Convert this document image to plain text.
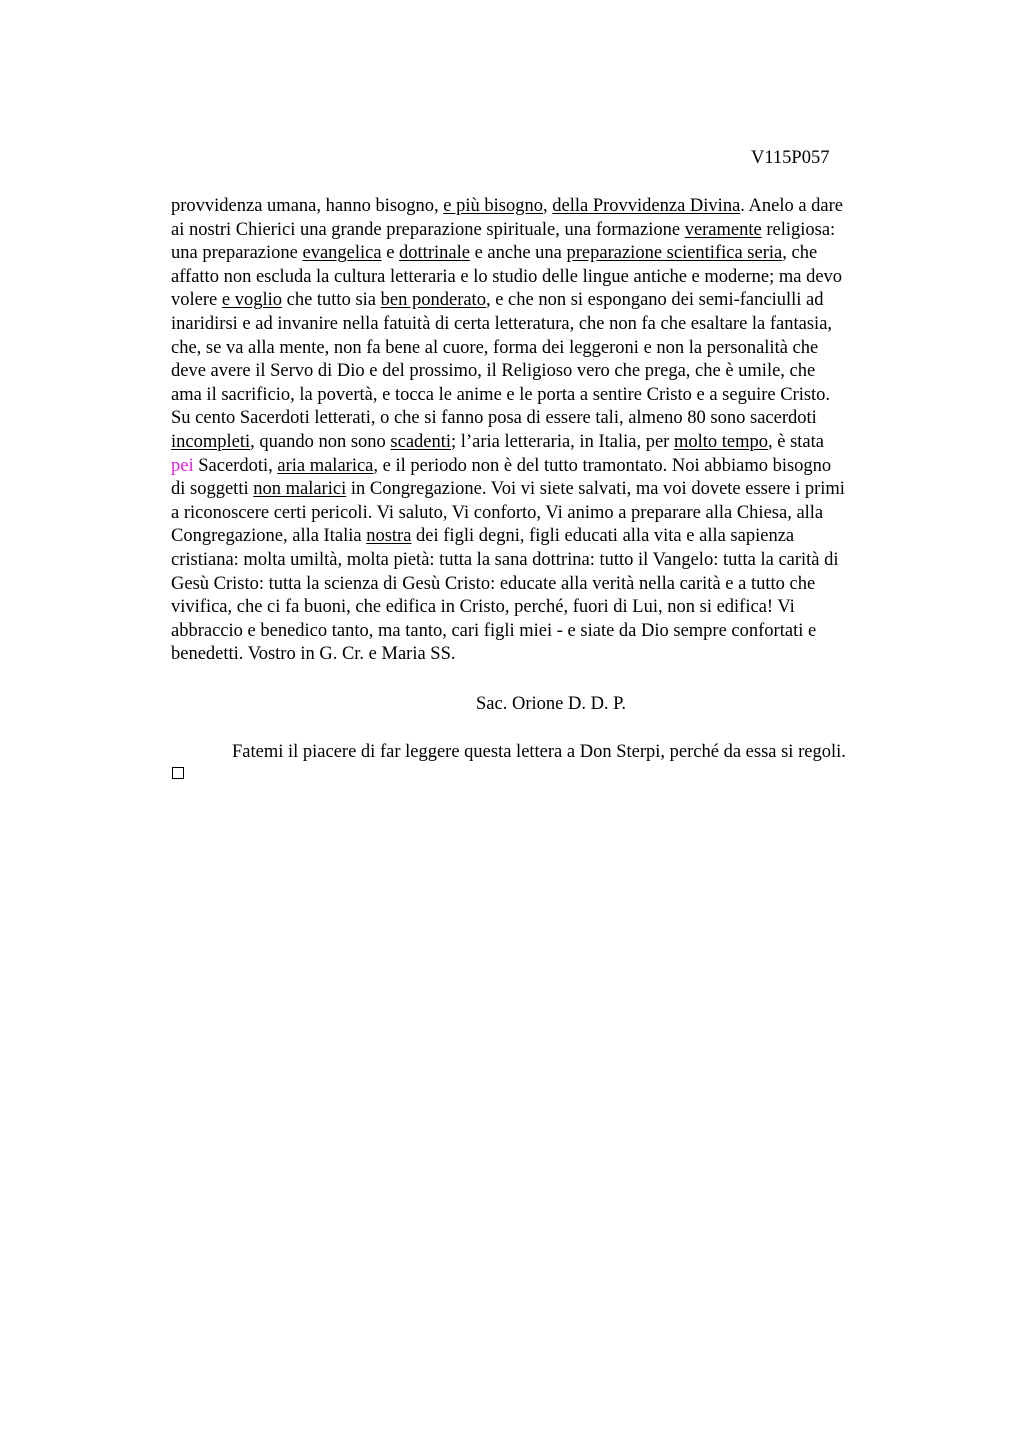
V115P057
provvidenza umana, hanno bisogno, e più bisogno, della Provvidenza Divina. Anelo a dare
ai nostri Chierici una grande preparazione spirituale, una formazione veramente religiosa:
una preparazione evangelica e dottrinale e anche una preparazione scientifica seria, che
affatto non escluda la cultura letteraria e lo studio delle lingue antiche e moderne; ma devo
volere e voglio che tutto sia ben ponderato, e che non si espongano dei semi-fanciulli ad
inaridirsi e ad invanire nella fatuità di certa letteratura, che non fa che esaltare la fantasia,
che, se va alla mente, non fa bene al cuore, forma dei leggeroni e non la personalità che
deve avere il Servo di Dio e del prossimo, il Religioso vero che prega, che è umile, che
ama il sacrificio, la povertà, e tocca le anime e le porta a sentire Cristo e a seguire Cristo.
Su cento Sacerdoti letterati, o che si fanno posa di essere tali, almeno 80 sono sacerdoti
incompleti, quando non sono scadenti; l’aria letteraria, in Italia, per molto tempo, è stata
pei Sacerdoti, aria malarica, e il periodo non è del tutto tramontato. Noi abbiamo bisogno
di soggetti non malarici in Congregazione. Voi vi siete salvati, ma voi dovete essere i primi
a riconoscere certi pericoli. Vi saluto, Vi conforto, Vi animo a preparare alla Chiesa, alla
Congregazione, alla Italia nostra dei figli degni, figli educati alla vita e alla sapienza
cristiana: molta umiltà, molta pietà: tutta la sana dottrina: tutto il Vangelo: tutta la carità di
Gesù Cristo: tutta la scienza di Gesù Cristo: educate alla verità nella carità e a tutto che
vivifica, che ci fa buoni, che edifica in Cristo, perché, fuori di Lui, non si edifica! Vi
abbraccio e benedico tanto, ma tanto, cari figli miei - e siate da Dio sempre confortati e
benedetti. Vostro in G. Cr. e Maria SS.
Sac. Orione D. D. P.
Fatemi il piacere di far leggere questa lettera a Don Sterpi, perché da essa si regoli.
